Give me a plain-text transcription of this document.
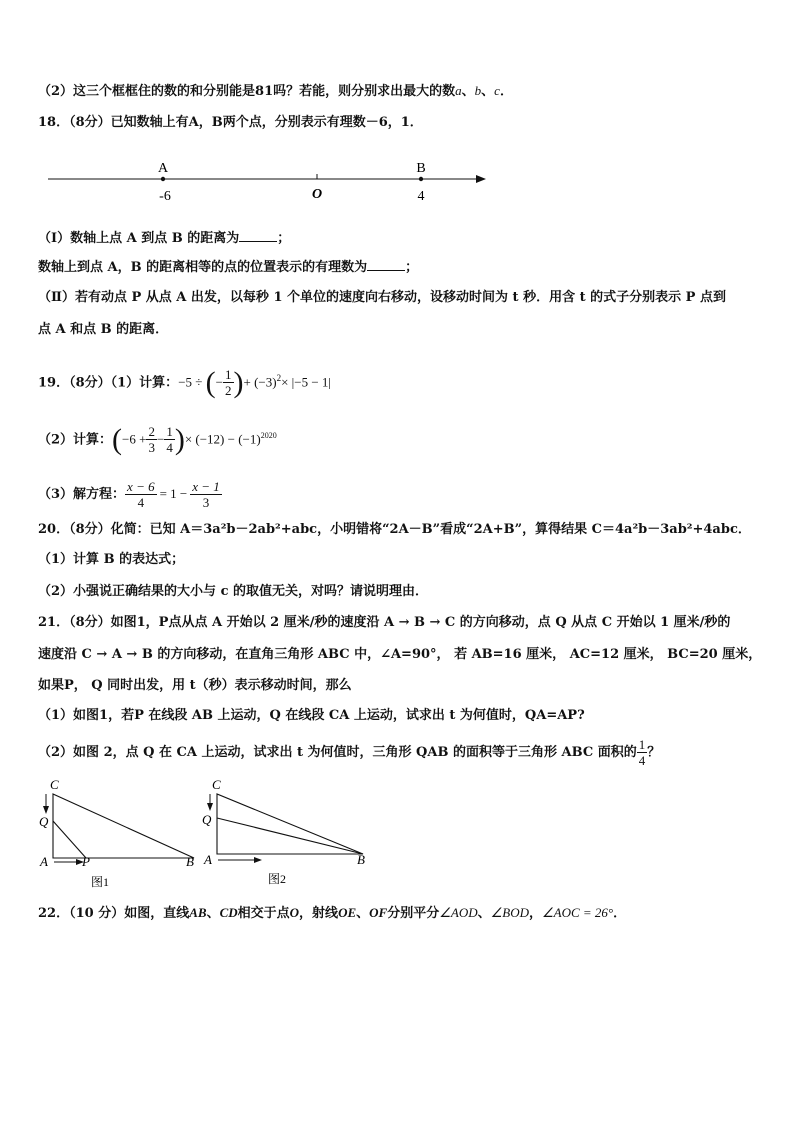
（2）这三个框框住的数的和分别能是81吗？若能，则分别求出最大的数a、b、c．
18．（8分）已知数轴上有A，B两个点，分别表示有理数－6，1．
A	B
-6	O	4
（Ⅰ）数轴上点 A 到点 B 的距离为	；
数轴上到点 A，B 的距离相等的点的位置表示的有理数为	；
（Ⅱ）若有动点 P 从点 A 出发，以每秒 1 个单位的速度向右移动，设移动时间为 t 秒．用含 t 的式子分别表示 P 点到
点 A 和点 B 的距离．
19．（8分）（1）计算：−5 ÷ (− $\frac{1}{2}$ )+ $(-3)^2\times |-5 - 1|$
（2）计算：($-6 + \frac{2}{3} - \frac{1}{4}$ )× $(-12) - (-1)^{2020}$
（3）解方程： $\frac{x - 6}{4} = 1 - \frac{x - 1}{3}$
20．（8分）化简：已知 A＝3a²b－2ab²+abc，小明错将“2A－B”看成“2A+B”，算得结果 C＝4a²b－3ab²+4abc．
（1）计算 B 的表达式；
（2）小强说正确结果的大小与 c 的取值无关，对吗？请说明理由．
21．（8分）如图1，P点从点 A 开始以 2 厘米/秒的速度沿 A → B → C 的方向移动，点 Q 从点 C 开始以 1 厘米/秒的
速度沿 C → A → B 的方向移动，在直角三角形 ABC 中，∠A=90°， 若 AB=16 厘米， AC=12 厘米， BC=20 厘米，
如果P， Q 同时出发，用 t（秒）表示移动时间，那么
（1）如图1，若P 在线段 AB 上运动，Q 在线段 CA 上运动，试求出 t 为何值时，QA=AP?
（2）如图 2，点 Q 在 CA 上运动，试求出 t 为何值时，三角形 QAB 的面积等于三角形 ABC 面积的 $\frac{1}{4}$ ？
C
Q
A	P	B
图1
C
Q
A	B
图2
22．（10 分）如图，直线AB、CD相交于点O，射线OE、OF分别平分∠AOD、∠BOD，∠AOC = 26°．
